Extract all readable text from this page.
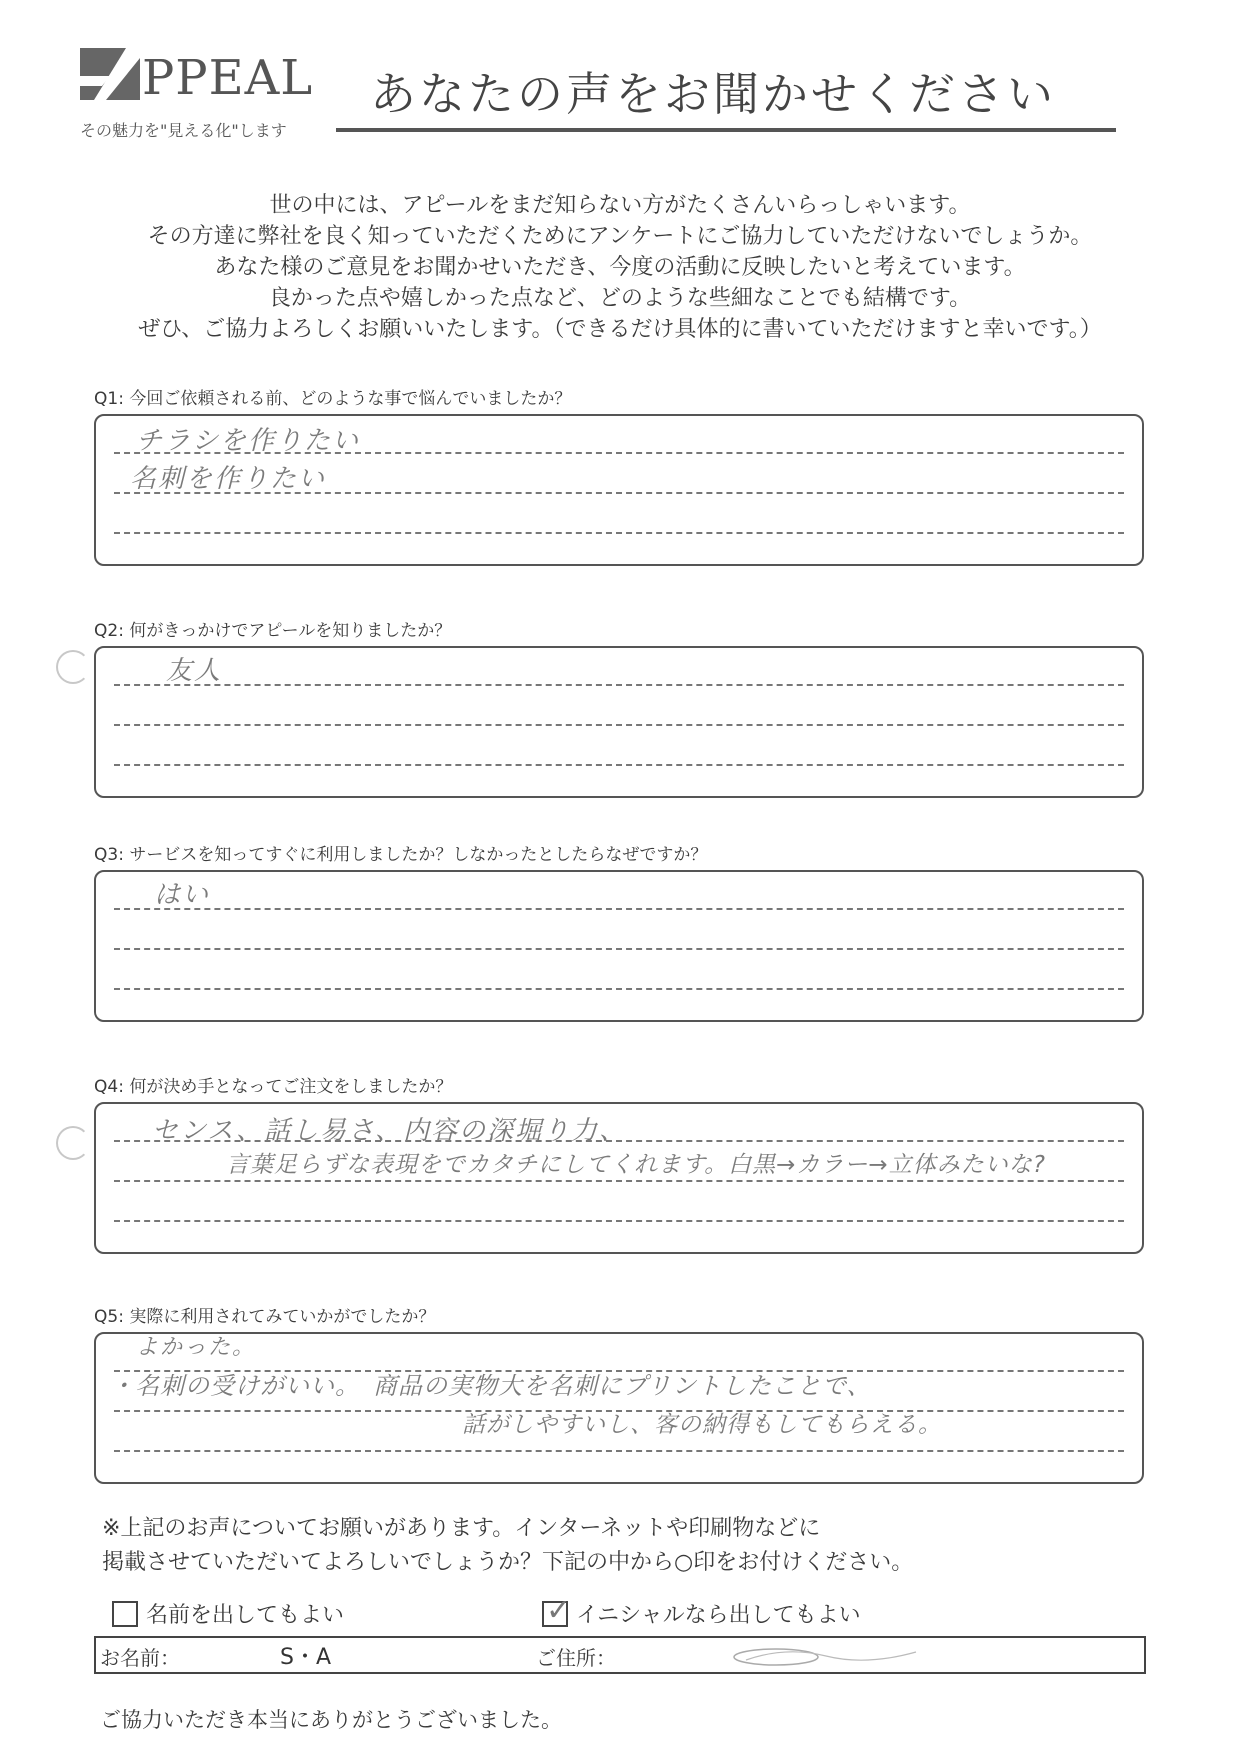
PPEAL
その魅力を"見える化"します
あなたの声をお聞かせください

世の中には、アピールをまだ知らない方がたくさんいらっしゃいます。

その方達に弊社を良く知っていただくためにアンケートにご協力していただけないでしょうか。

あなた様のご意見をお聞かせいただき、今度の活動に反映したいと考えています。

良かった点や嬉しかった点など、どのような些細なことでも結構です。

ぜひ、ご協力よろしくお願いいたします。（できるだけ具体的に書いていただけますと幸いです。）

Q1: 今回ご依頼される前、どのような事で悩んでいましたか？
チラシを作りたい
名刺を作りたい
Q2: 何がきっかけでアピールを知りましたか？
友人
Q3: サービスを知ってすぐに利用しましたか？しなかったとしたらなぜですか？
はい
Q4: 何が決め手となってご注文をしましたか？
センス、話し易さ、内容の深堀り力、
言葉足らずな表現をでカタチにしてくれます。白黒→カラー→立体みたいな?
Q5: 実際に利用されてみていかがでしたか？
よかった。
・名刺の受けがいい。　商品の実物大を名刺にプリントしたことで、
話がしやすいし、客の納得もしてもらえる。

※上記のお声についてお願いがあります。インターネットや印刷物などに

掲載させていただいてよろしいでしょうか？下記の中から○印をお付けください。

名前を出してもよい	✓ イニシャルなら出してもよい
お名前：	S・A	ご住所：
ご協力いただき本当にありがとうございました。
